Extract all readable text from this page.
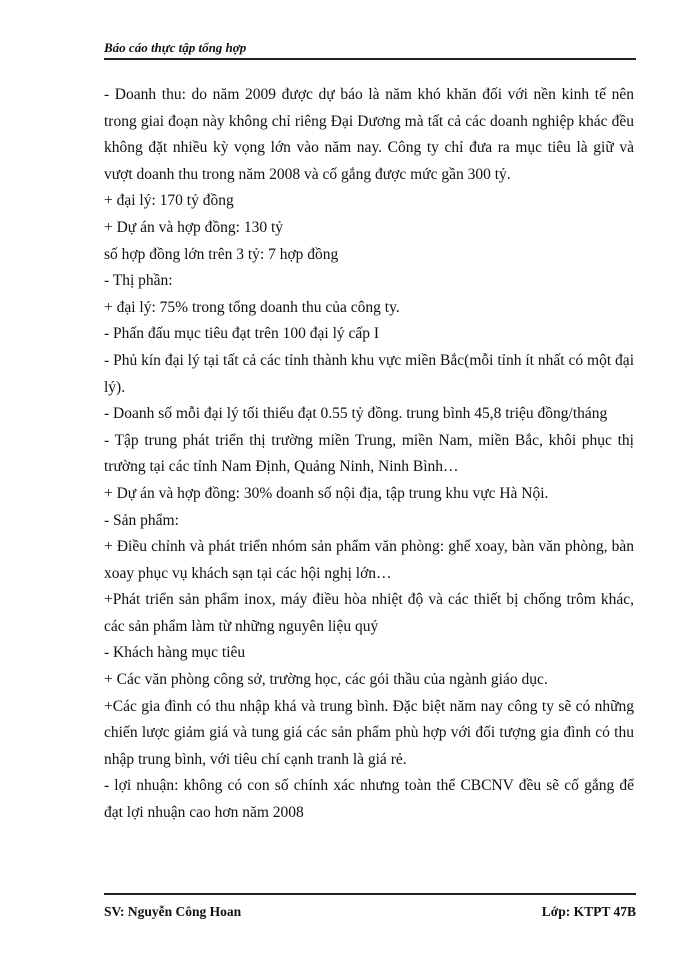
Báo cáo thực tập tổng hợp

- Doanh thu: do năm 2009 được dự báo là năm khó khăn đối với nền kinh tế nên trong giai đoạn này không chỉ riêng Đại Dương mà tất cả các doanh nghiệp khác đều không đặt nhiều kỳ vọng lớn vào năm nay. Công ty chỉ đưa ra mục tiêu là giữ và vượt doanh thu trong năm 2008 và cố gắng được mức gần 300 tỷ.

+ đại lý: 170 tỷ đồng

+ Dự án và hợp đồng: 130 tỷ

số hợp đồng lớn trên 3 tỷ: 7 hợp đồng

- Thị phần:

+ đại lý: 75% trong tổng doanh thu của công ty.

- Phấn đấu mục tiêu đạt trên 100 đại lý cấp I

- Phủ kín đại lý tại tất cả các tỉnh thành khu vực miền Bắc(mỗi tỉnh ít nhất có một đại lý).

- Doanh số mỗi đại lý tối thiểu đạt 0.55 tỷ đồng. trung bình 45,8 triệu đồng/tháng

- Tập trung phát triển thị trường miền Trung, miền Nam, miền Bắc, khôi phục thị trường tại các tỉnh Nam Định, Quảng Ninh, Ninh Bình…

+ Dự án và hợp đồng: 30% doanh số nội địa, tập trung khu vực Hà Nội.

- Sản phẩm:

+ Điều chỉnh và phát triển nhóm sản phẩm văn phòng: ghế xoay, bàn văn phòng, bàn xoay phục vụ khách sạn tại các hội nghị lớn…

+Phát triển sản phẩm inox, máy điều hòa nhiệt độ và các thiết bị chống trôm khác, các sản phẩm làm từ những nguyên liệu quý

- Khách hàng mục tiêu

+ Các văn phòng công sở, trường học, các gói thầu của ngành giáo dục.

+Các gia đình có thu nhập khá và trung bình. Đặc biệt năm nay công ty sẽ có những chiến lược giảm giá và tung giá các sản phẩm phù hợp với đối tượng gia đình có thu nhập trung bình, với tiêu chí cạnh tranh là giá rẻ.

- lợi nhuận: không có con số chính xác nhưng toàn thể CBCNV đều sẽ cố gắng để đạt lợi nhuận cao hơn năm 2008

SV: Nguyễn Công Hoan	Lớp: KTPT 47B
